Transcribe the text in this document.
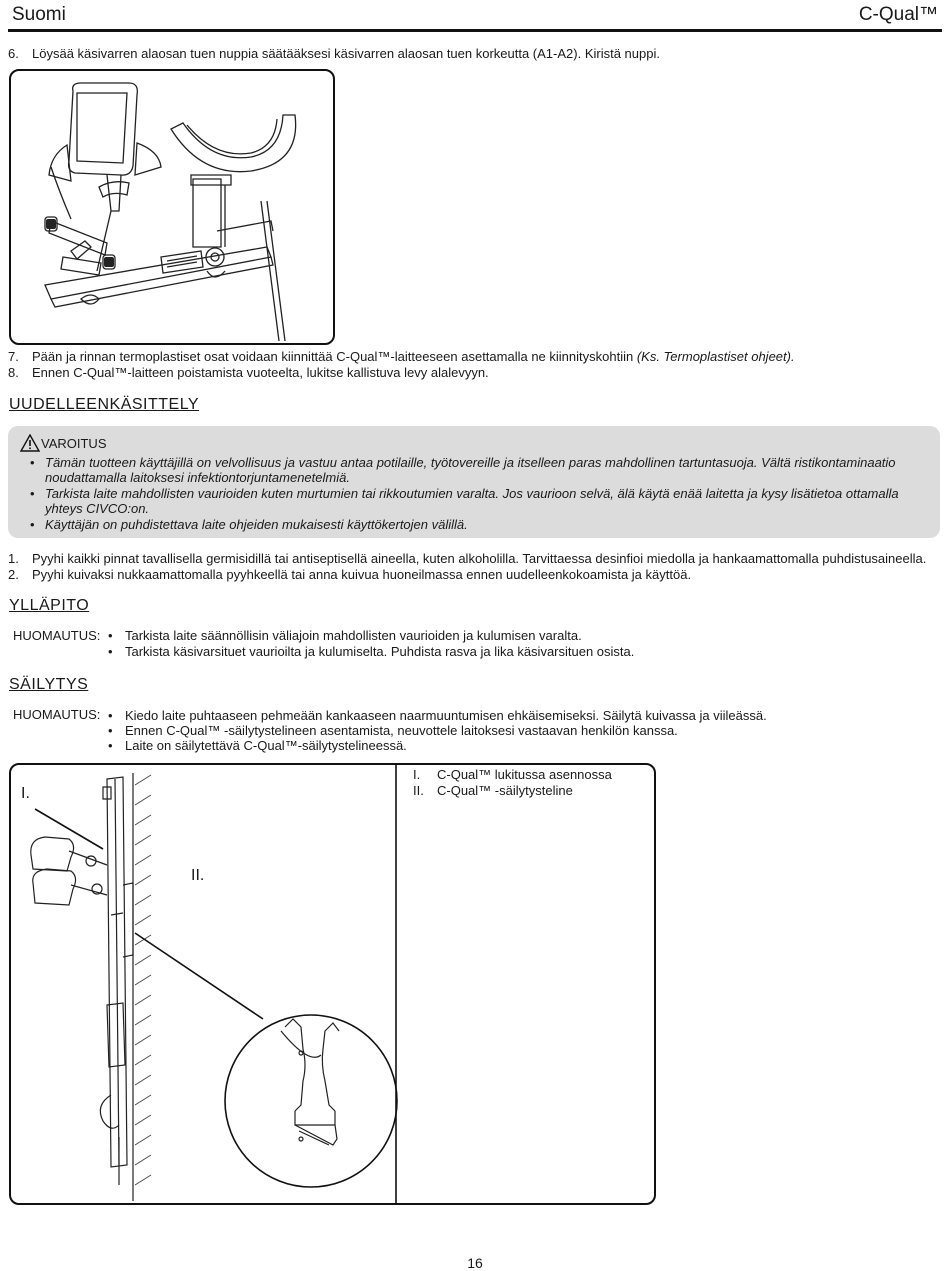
Suomi	C-Qual™
6. Löysää käsivarren alaosan tuen nuppia säätääksesi käsivarren alaosan tuen korkeutta (A1-A2). Kiristä nuppi.
7. Pään ja rinnan termoplastiset osat voidaan kiinnittää C-Qual™-laitteeseen asettamalla ne kiinnityskohtiin (Ks. Termoplastiset ohjeet).
8. Ennen C-Qual™-laitteen poistamista vuoteelta, lukitse kallistuva levy alalevyyn.
UUDELLEENKÄSITTELY
VAROITUS
• Tämän tuotteen käyttäjillä on velvollisuus ja vastuu antaa potilaille, työtovereille ja itselleen paras mahdollinen tartuntasuoja. Vältä ristikontaminaatio noudattamalla laitoksesi infektiontorjuntamenetelmiä.
• Tarkista laite mahdollisten vaurioiden kuten murtumien tai rikkoutumien varalta. Jos vaurioon selvä, älä käytä enää laitetta ja kysy lisätietoa ottamalla yhteys CIVCO:on.
• Käyttäjän on puhdistettava laite ohjeiden mukaisesti käyttökertojen välillä.
1. Pyyhi kaikki pinnat tavallisella germisidillä tai antiseptisellä aineella, kuten alkoholilla. Tarvittaessa desinfioi miedolla ja hankaamattomalla puhdistusaineella.
2. Pyyhi kuivaksi nukkaamattomalla pyyhkeellä tai anna kuivua huoneilmassa ennen uudelleenkokoamista ja käyttöä.
YLLÄPITO
HUOMAUTUS:	• Tarkista laite säännöllisin väliajoin mahdollisten vaurioiden ja kulumisen varalta.
• Tarkista käsivarsituet vaurioilta ja kulumiselta. Puhdista rasva ja lika käsivarsituen osista.
SÄILYTYS
HUOMAUTUS:	• Kiedo laite puhtaaseen pehmeään kankaaseen naarmuuntumisen ehkäisemiseksi. Säilytä kuivassa ja viileässä.
• Ennen C-Qual™ -säilytystelineen asentamista, neuvottele laitoksesi vastaavan henkilön kanssa.
• Laite on säilytettävä C-Qual™-säilytystelineessä.
I.
II.
I. C-Qual™ lukitussa asennossa
II. C-Qual™ -säilytysteline
16
